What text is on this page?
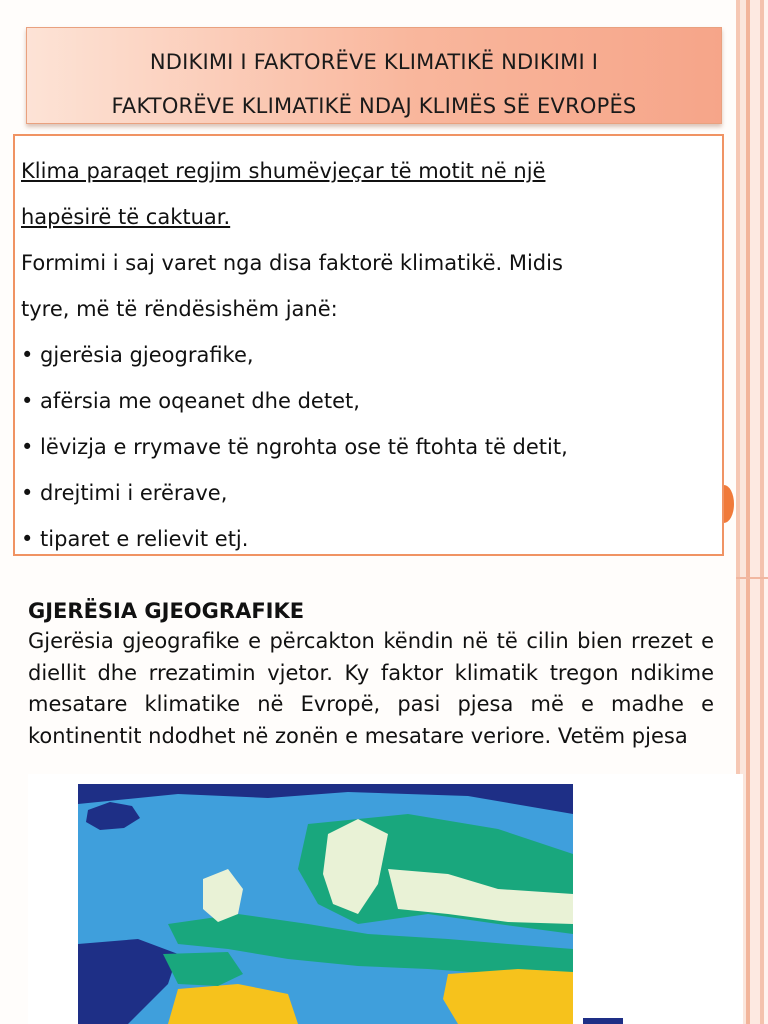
NDIKIMI I FAKTORËVE KLIMATIKË NDIKIMI I
FAKTORËVE KLIMATIKË NDAJ KLIMËS SË EVROPËS

Klima paraqet regjim shumëvjeçar të motit në një

hapësirë të caktuar.

Formimi i saj varet nga disa faktorë klimatikë. Midis

tyre, më të rëndësishëm janë:

• gjerësia gjeografike,
• afërsia me oqeanet dhe detet,
• lëvizja e rrymave të ngrohta ose të ftohta të detit,
• drejtimi i erërave,
• tiparet e relievit etj.
GJERËSIA GJEOGRAFIKE
Gjerësia gjeografike e përcakton këndin në të cilin bien rrezet e diellit dhe rrezatimin vjetor. Ky faktor klimatik tregon ndikime mesatare klimatike në Evropë, pasi pjesa më e madhe e kontinentit ndodhet në zonën e mesatare veriore. Vetëm pjesa
